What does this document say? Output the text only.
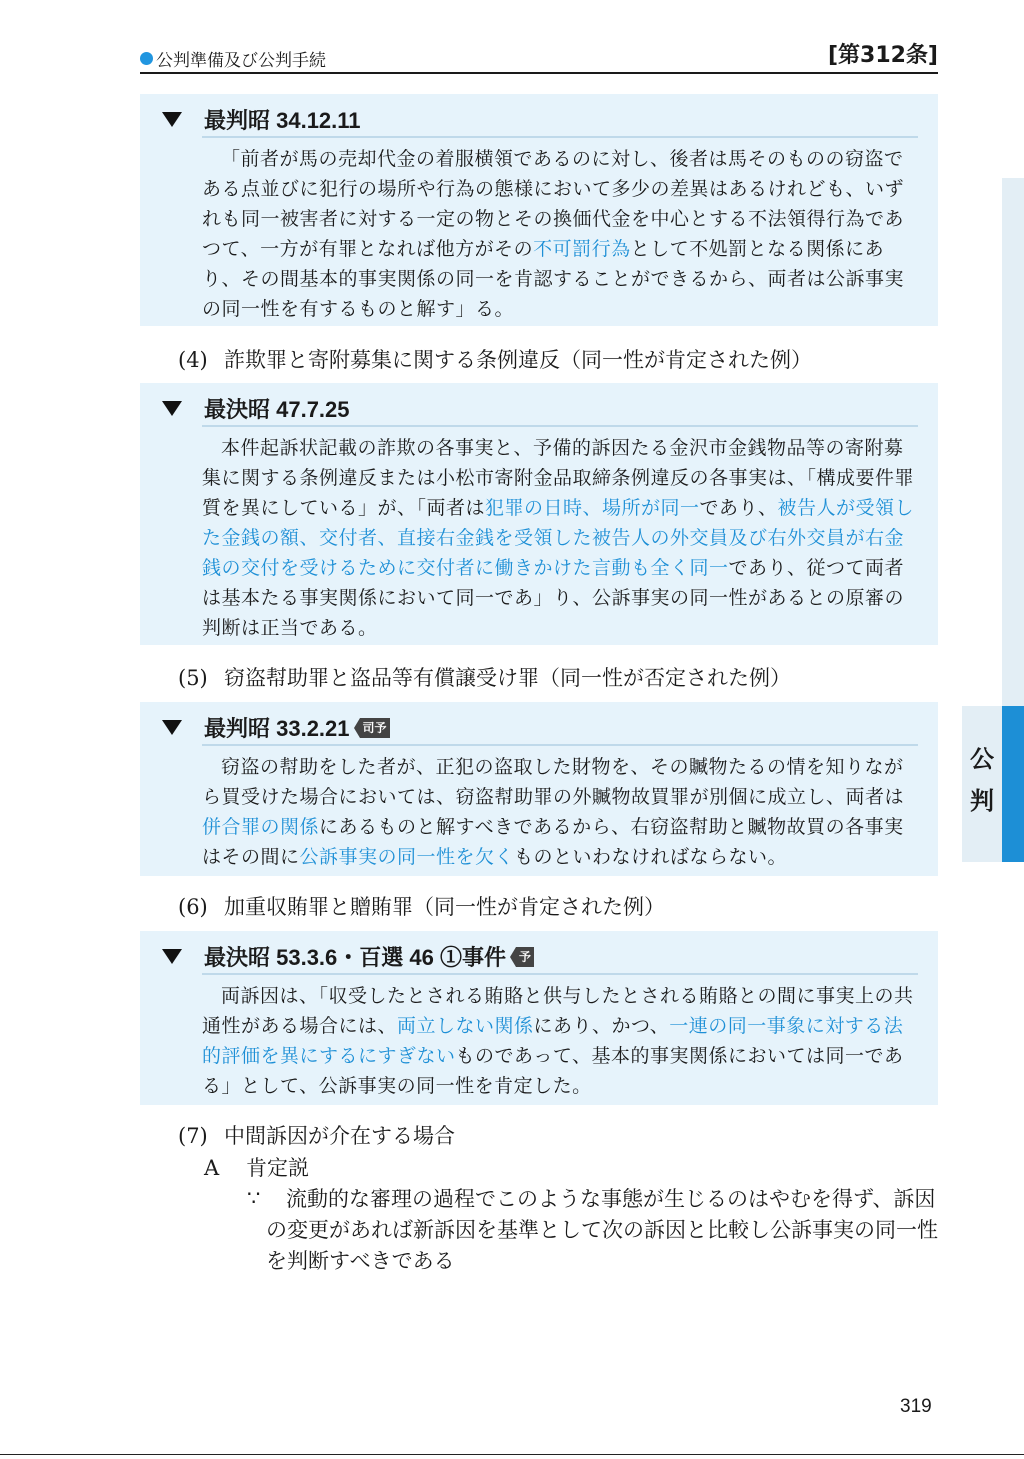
公判準備及び公判手続	[第312条]
最判昭 34.12.11

「前者が馬の売却代金の着服横領であるのに対し、後者は馬そのものの窃盗である点並びに犯行の場所や行為の態様において多少の差異はあるけれども、いずれも同一被害者に対する一定の物とその換価代金を中心とする不法領得行為であつて、一方が有罪となれば他方がその不可罰行為として不処罰となる関係にあり、その間基本的事実関係の同一を肯認することができるから、両者は公訴事実の同一性を有するものと解す」る。

(4) 詐欺罪と寄附募集に関する条例違反（同一性が肯定された例）
最決昭 47.7.25

本件起訴状記載の詐欺の各事実と、予備的訴因たる金沢市金銭物品等の寄附募集に関する条例違反または小松市寄附金品取締条例違反の各事実は、「構成要件罪質を異にしている」が、「両者は犯罪の日時、場所が同一であり、被告人が受領した金銭の額、交付者、直接右金銭を受領した被告人の外交員及び右外交員が右金銭の交付を受けるために交付者に働きかけた言動も全く同一であり、従つて両者は基本たる事実関係において同一であ」り、公訴事実の同一性があるとの原審の判断は正当である。

(5) 窃盗幇助罪と盗品等有償譲受け罪（同一性が否定された例）
最判昭 33.2.21 司予

窃盗の幇助をした者が、正犯の盗取した財物を、その贓物たるの情を知りながら買受けた場合においては、窃盗幇助罪の外贓物故買罪が別個に成立し、両者は併合罪の関係にあるものと解すべきであるから、右窃盗幇助と贓物故買の各事実はその間に公訴事実の同一性を欠くものといわなければならない。

(6) 加重収賄罪と贈賄罪（同一性が肯定された例）
最決昭 53.3.6・百選 46 ①事件 予

両訴因は、「収受したとされる賄賂と供与したとされる賄賂との間に事実上の共通性がある場合には、両立しない関係にあり、かつ、一連の同一事象に対する法的評価を異にするにすぎないものであって、基本的事実関係においては同一である」として、公訴事実の同一性を肯定した。

(7) 中間訴因が介在する場合
A 肯定説
∵	流動的な審理の過程でこのような事態が生じるのはやむを得ず、訴因の変更があれば新訴因を基準として次の訴因と比較し公訴事実の同一性を判断すべきである

公判
319
